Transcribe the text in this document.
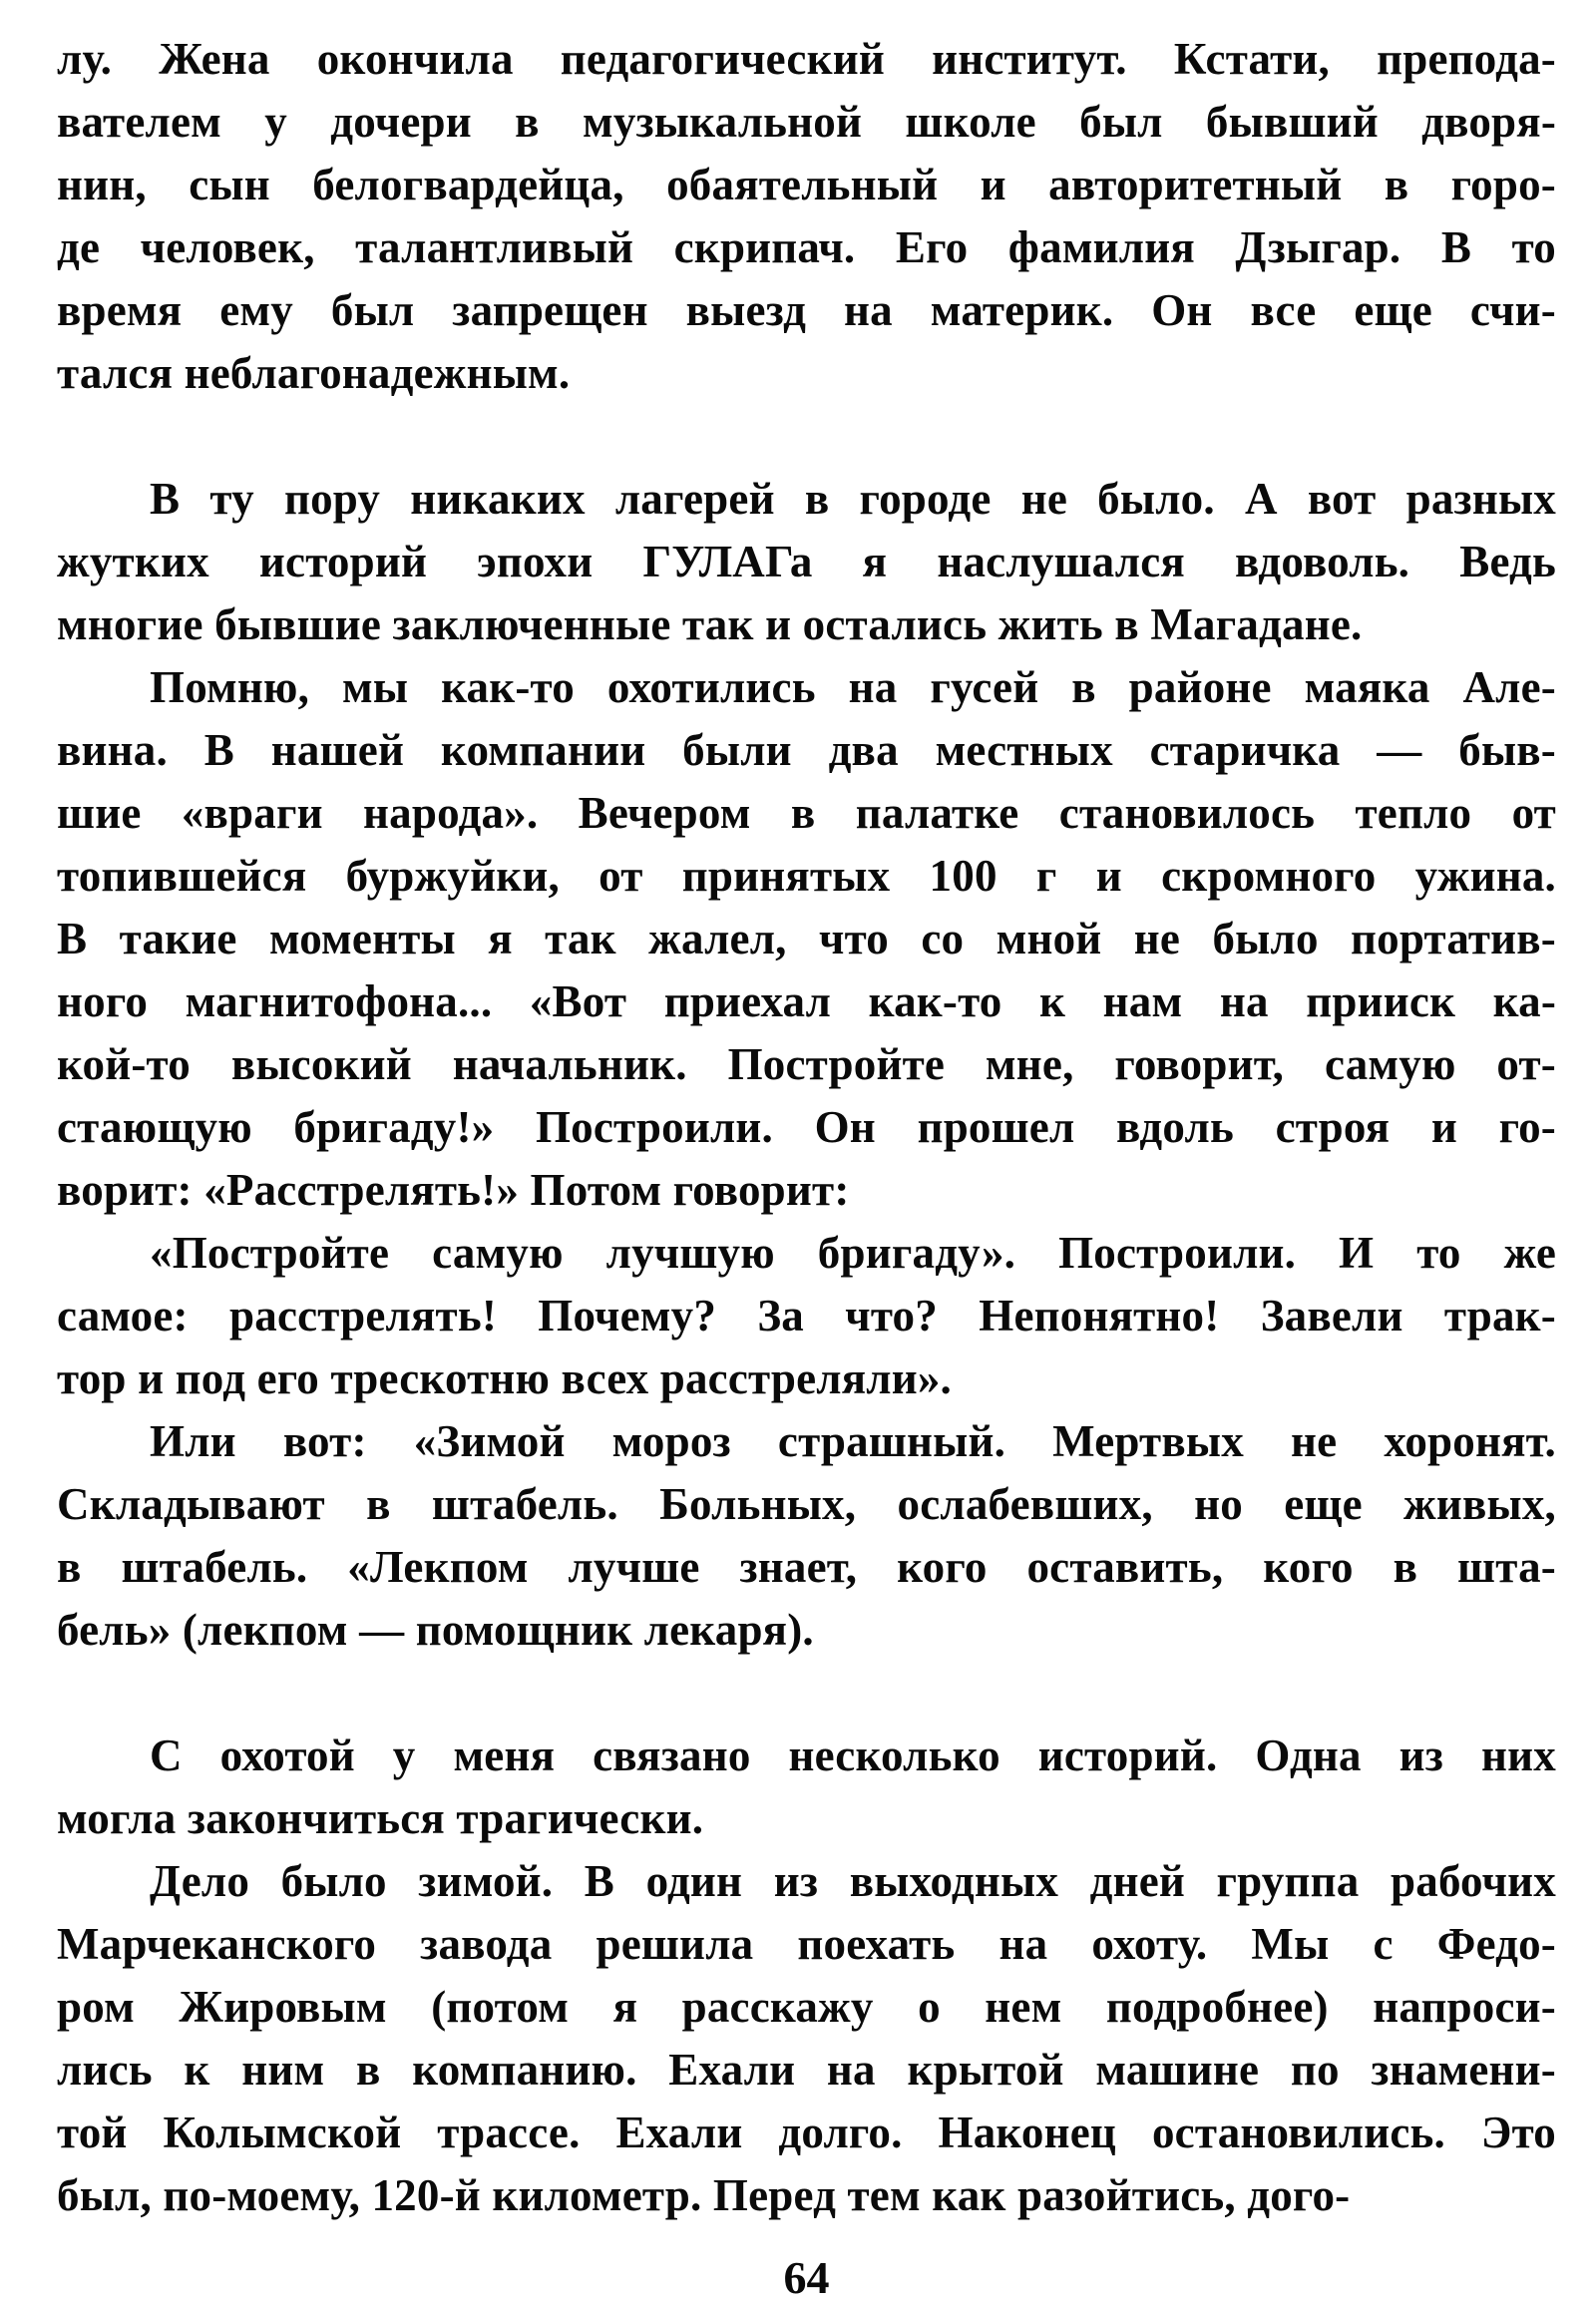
лу. Жена окончила педагогический институт. Кстати, препода-
вателем у дочери в музыкальной школе был бывший дворя-
нин, сын белогвардейца, обаятельный и авторитетный в горо-
де человек, талантливый скрипач. Его фамилия Дзыгар. В то
время ему был запрещен выезд на материк. Он все еще счи-
тался неблагонадежным.
В ту пору никаких лагерей в городе не было. А вот разных
жутких историй эпохи ГУЛАГа я наслушался вдоволь. Ведь
многие бывшие заключенные так и остались жить в Магадане.
Помню, мы как-то охотились на гусей в районе маяка Але-
вина. В нашей компании были два местных старичка — быв-
шие «враги народа». Вечером в палатке становилось тепло от
топившейся буржуйки, от принятых 100 г и скромного ужина.
В такие моменты я так жалел, что со мной не было портатив-
ного магнитофона... «Вот приехал как-то к нам на прииск ка-
кой-то высокий начальник. Постройте мне, говорит, самую от-
стающую бригаду!» Построили. Он прошел вдоль строя и го-
ворит: «Расстрелять!» Потом говорит:
«Постройте самую лучшую бригаду». Построили. И то же
самое: расстрелять! Почему? За что? Непонятно! Завели трак-
тор и под его трескотню всех расстреляли».
Или вот: «Зимой мороз страшный. Мертвых не хоронят.
Складывают в штабель. Больных, ослабевших, но еще живых,
в штабель. «Лекпом лучше знает, кого оставить, кого в шта-
бель» (лекпом — помощник лекаря).
С охотой у меня связано несколько историй. Одна из них
могла закончиться трагически.
Дело было зимой. В один из выходных дней группа рабочих
Марчеканского завода решила поехать на охоту. Мы с Федо-
ром Жировым (потом я расскажу о нем подробнее) напроси-
лись к ним в компанию. Ехали на крытой машине по знамени-
той Колымской трассе. Ехали долго. Наконец остановились. Это
был, по-моему, 120-й километр. Перед тем как разойтись, дого-
64
